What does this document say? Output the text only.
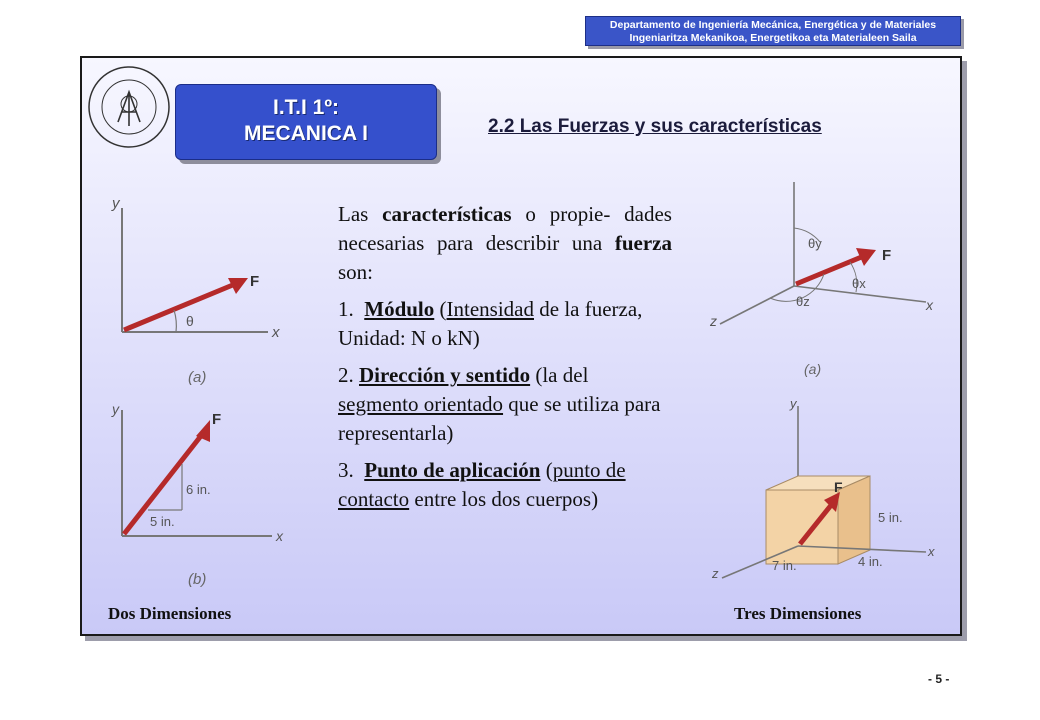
Departamento de Ingeniería Mecánica, Energética y de Materiales
Ingeniaritza Mekanikoa, Energetikoa eta Materialeen Saila
I.T.I 1º:
MECANICA I	2.2 Las Fuerzas y sus características
y
x
F
θ
(a)
y
x
F
6 in.
5 in.
(b)
F
θy
θx
θz	x
z
(a)
y
F
5 in.
4 in.
7 in.
x
z

Las características o propie- dades necesarias para describir una fuerza son:

1. Módulo (Intensidad de la fuerza, Unidad: N o kN)

2. Dirección y sentido (la del segmento orientado que se utiliza para representarla)

3. Punto de aplicación (punto de contacto entre los dos cuerpos)

Dos Dimensiones	Tres Dimensiones
- 5 -
